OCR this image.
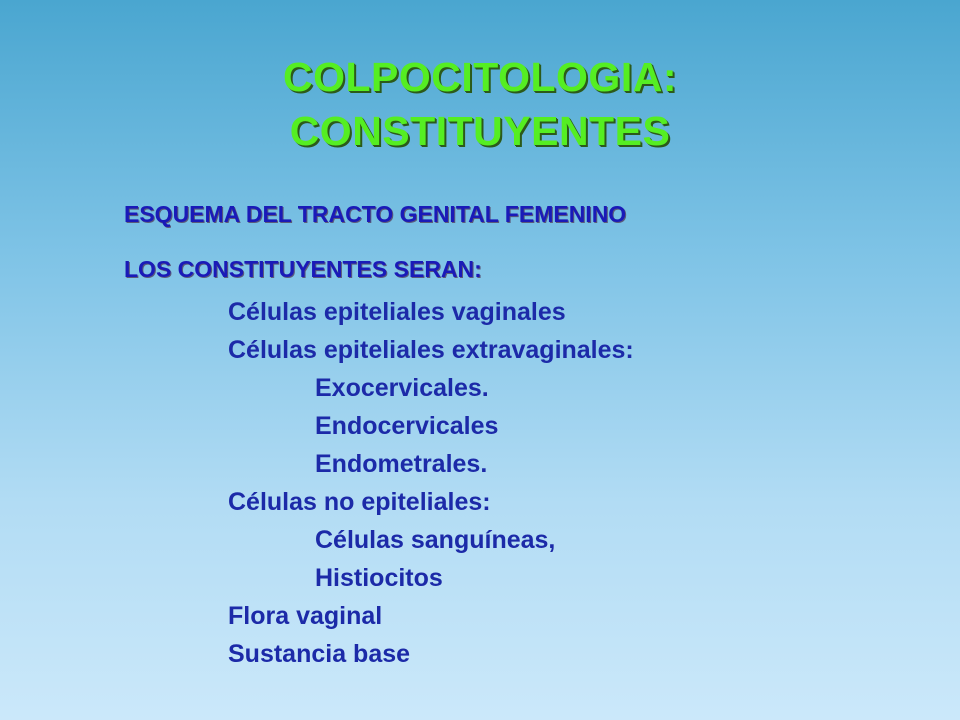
COLPOCITOLOGIA:
CONSTITUYENTES
ESQUEMA DEL TRACTO GENITAL FEMENINO
LOS CONSTITUYENTES SERAN:
Células epiteliales vaginales
Células epiteliales extravaginales:
Exocervicales.
Endocervicales
Endometrales.
Células no epiteliales:
Células sanguíneas,
Histiocitos
Flora vaginal
Sustancia base
